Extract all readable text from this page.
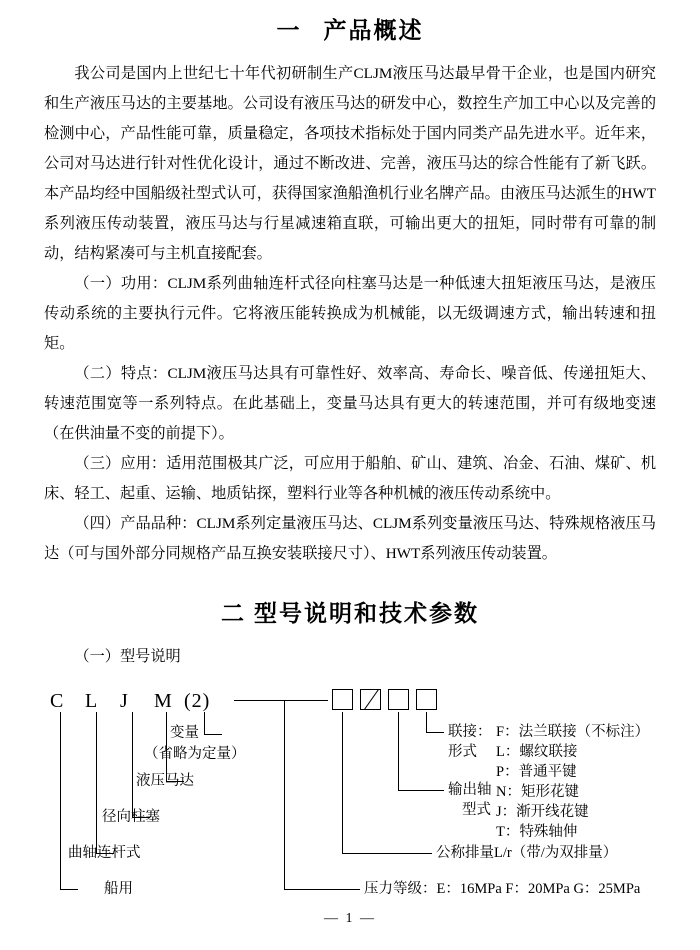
一 产品概述

我公司是国内上世纪七十年代初研制生产CLJM液压马达最早骨干企业，也是国内研究和生产液压马达的主要基地。公司设有液压马达的研发中心，数控生产加工中心以及完善的检测中心，产品性能可靠，质量稳定，各项技术指标处于国内同类产品先进水平。近年来，公司对马达进行针对性优化设计，通过不断改进、完善，液压马达的综合性能有了新飞跃。本产品均经中国船级社型式认可，获得国家渔船渔机行业名牌产品。由液压马达派生的HWT系列液压传动装置，液压马达与行星减速箱直联，可输出更大的扭矩，同时带有可靠的制动，结构紧凑可与主机直接配套。

（一）功用：CLJM系列曲轴连杆式径向柱塞马达是一种低速大扭矩液压马达，是液压传动系统的主要执行元件。它将液压能转换成为机械能，以无级调速方式，输出转速和扭矩。

（二）特点：CLJM液压马达具有可靠性好、效率高、寿命长、噪音低、传递扭矩大、转速范围宽等一系列特点。在此基础上，变量马达具有更大的转速范围，并可有级地变速（在供油量不变的前提下）。

（三）应用：适用范围极其广泛，可应用于船舶、矿山、建筑、冶金、石油、煤矿、机床、轻工、起重、运输、地质钻探，塑料行业等各种机械的液压传动系统中。

（四）产品品种：CLJM系列定量液压马达、CLJM系列变量液压马达、特殊规格液压马达（可与国外部分同规格产品互换安装联接尺寸）、HWT系列液压传动装置。

二 型号说明和技术参数
（一）型号说明
C L J M (2)
变量
（省略为定量）
液压马达
径向柱塞
曲轴连杆式
船用
联接：
形式
F：法兰联接（不标注）
L：螺纹联接
输出轴
型式
P：普通平键
N：矩形花键
J：渐开线花键
T：特殊轴伸
公称排量L/r（带/为双排量）
压力等级：E：16MPa F：20MPa G：25MPa
— 1 —
